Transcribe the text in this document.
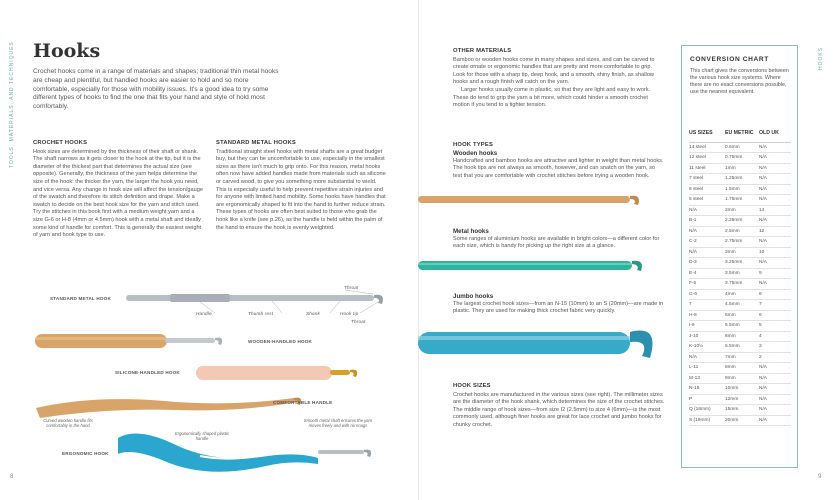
TOOLS, MATERIALS, AND TECHNIQUES
8
Hooks

Crochet hooks come in a range of materials and shapes; traditional thin metal hooks are cheap and plentiful, but handled hooks are easier to hold and so more comfortable, especially for those with mobility issues. It's a good idea to try some different types of hooks to find the one that fits your hand and style of hold most comfortably.

CROCHET HOOKS
Hook sizes are determined by the thickness of their shaft or shank. The shaft narrows as it gets closer to the hook at the tip, but it is the diameter of the thickest part that determines the actual size (see opposite). Generally, the thickness of the yarn helps determine the size of the hook: the thicker the yarn, the larger the hook you need, and vice versa. Any change in hook size will affect the tension/gauge of the swatch and therefore its stitch definition and drape. Make a swatch to decide on the best hook size for the yarn and stitch used. Try the stitches in this book first with a medium weight yarn and a size G-6 or H-8 (4mm or 4.5mm) hook with a metal shaft and ideally some kind of handle for comfort. This is generally the easiest weight of yarn and hook type to use.
STANDARD METAL HOOKS
Traditional straight steel hooks with metal shafts are a great budget buy, but they can be uncomfortable to use, especially in the smallest sizes as there isn't much to grip onto. For this reason, metal hooks often now have added handles made from materials such as silicone or carved wood, to give you something more substantial to wield. This is especially useful to help prevent repetitive strain injuries and for anyone with limited hand mobility. Some hooks have handles that are ergonomically shaped to fit into the hand to further reduce strain. These types of hooks are often best suited to those who grab the hook like a knife (see p.26), as the handle is held within the palm of the hand to ensure the hook is evenly weighted.
STANDARD METAL HOOK
Throat
Handle	Thumb rest	Shank	Hook tip
Throat
WOODEN-HANDLED HOOK
SILICONE-HANDLED HOOK
COMFORTABLE HANDLE
Curved wooden handle fits comfortably in the hand
Smooth metal shaft ensures the yarn moves freely and with no snags
Ergonomically shaped plastic handle
ERGONOMIC HOOK
HOOKS
9
OTHER MATERIALS
Bamboo or wooden hooks come in many shapes and sizes, and can be carved to create ornate or ergonomic handles that are pretty and more comfortable to grip. Look for those with a sharp tip, deep hook, and a smooth, shiny finish, as shallow hooks and a rough finish will catch on the yarn.
Larger hooks usually come in plastic, so that they are light and easy to work. These do tend to grip the yarn a bit more, which could hinder a smooth crochet motion if you tend to a tighter tension.
HOOK TYPES
Wooden hooks
Handcrafted and bamboo hooks are attractive and lighter in weight than metal hooks. The hook tips are not always as smooth, however, and can snatch on the yarn, so test that you are comfortable with crochet stitches before trying a wooden hook.
Metal hooks
Some ranges of aluminium hooks are available in bright colors—a different color for each size, which is handy for picking up the right size at a glance.
Jumbo hooks
The largest crochet hook sizes—from an N-15 (10mm) to an S (20mm)—are made in plastic. They are used for making thick crochet fabric very quickly.
HOOK SIZES
Crochet hooks are manufactured in the various sizes (see right). The millimeter sizes are the diameter of the hook shank, which determines the size of the crochet stitches. The middle range of hook sizes—from size I2 (2.5mm) to size 4 (6mm)—is the most commonly used, although finer hooks are great for lace crochet and jumbo hooks for chunky crochet.
CONVERSION CHART
This chart gives the conversions between the various hook size systems. Where there are no exact conversions possible, use the nearest equivalent.
US SIZES	EU METRIC	OLD UK
14 steel	0.6mm	N/A
12 steel	0.75mm	N/A
11 steel	1mm	N/A
7 steel	1.25mm	N/A
6 steel	1.5mm	N/A
5 steel	1.75mm	N/A
N/A	2mm	14
B-1	2.25mm	N/A
N/A	2.5mm	12
C-2	2.75mm	N/A
N/A	3mm	10
D-3	3.25mm	N/A
E-4	3.5mm	9
F-5	3.75mm	N/A
G-6	4mm	8
7	4.5mm	7
H-8	5mm	6
I-9	5.5mm	5
J-10	6mm	4
K-10½	6.5mm	3
N/A	7mm	2
L-11	8mm	N/A
M-13	9mm	N/A
N-15	10mm	N/A
P	12mm	N/A
Q (16mm)	15mm	N/A
S (19mm)	20mm	N/A
